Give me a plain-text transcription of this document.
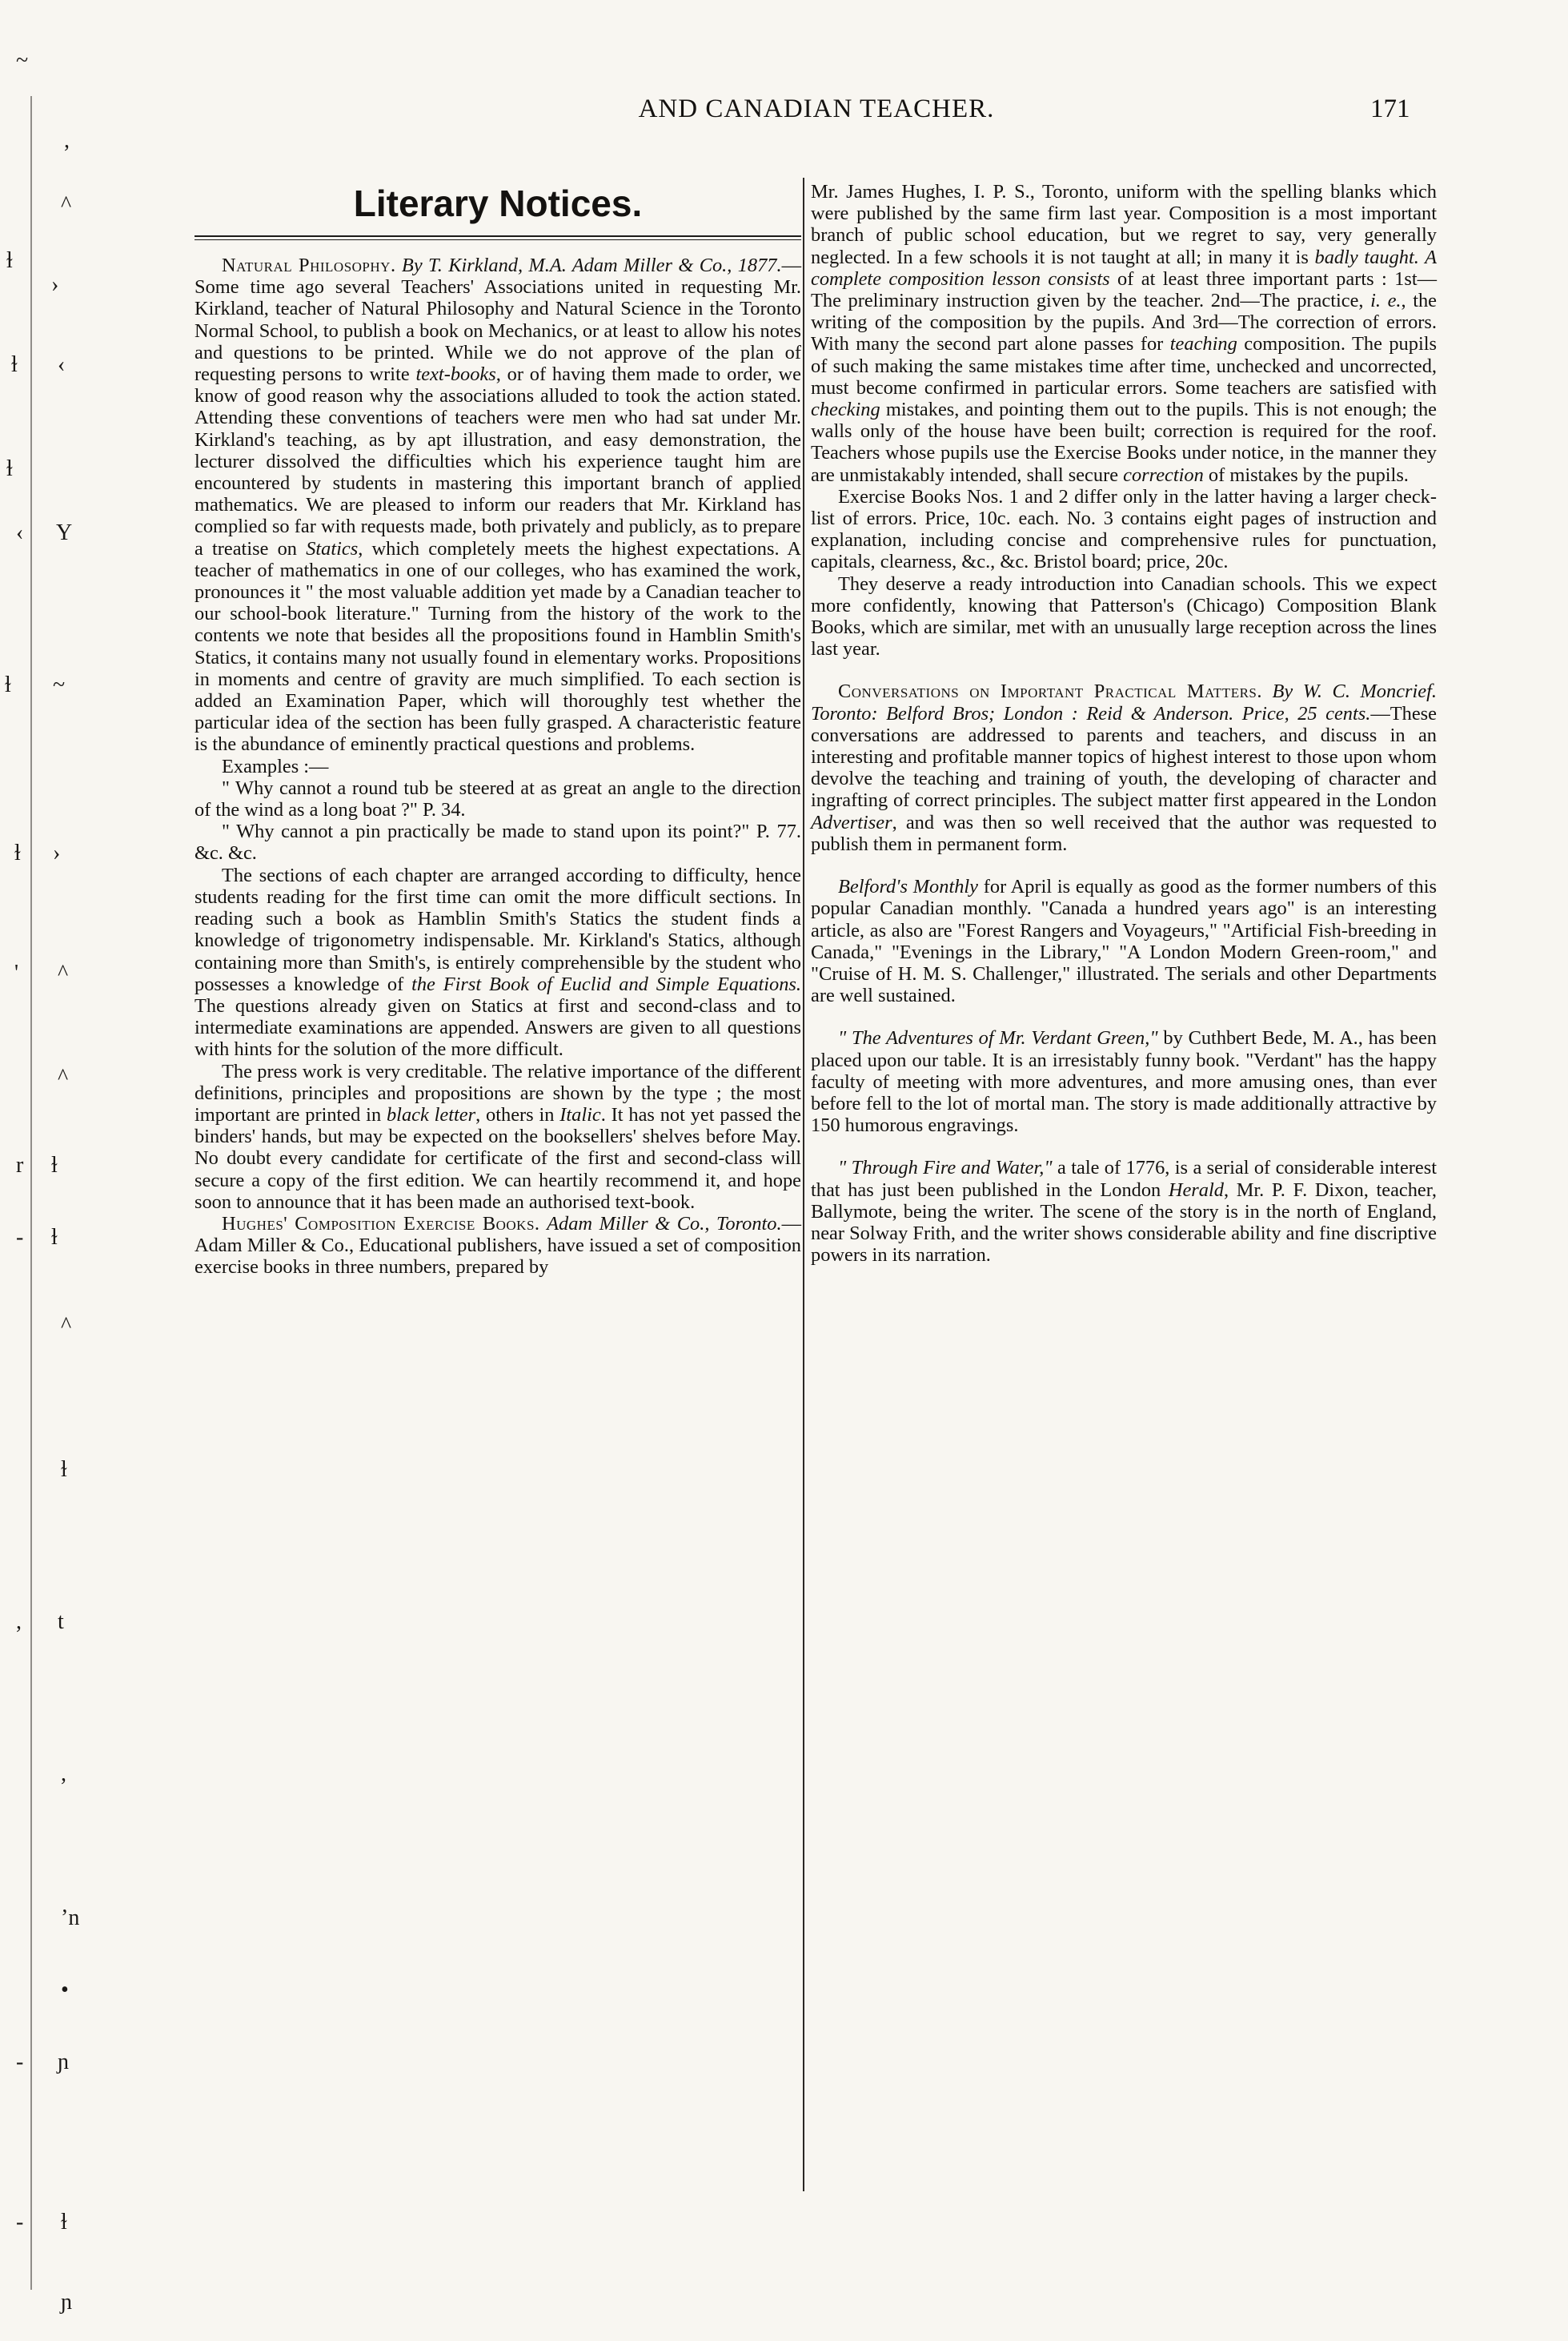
~
,
^
ɫ
›
ɫ ‹
ɫ
‹ Y
ɫ ~
ɫ ›
' ^
^
r ɫ
- ɫ
^
ɫ
, t
,
ʼn
•
- ɲ
- ɫ
ɲ
AND CANADIAN TEACHER.	171
Literary Notices.

Natural Philosophy. By T. Kirkland, M.A. Adam Miller & Co., 1877.—Some time ago several Teachers' Associations united in requesting Mr. Kirkland, teacher of Natural Philosophy and Natural Science in the Toronto Normal School, to publish a book on Mechanics, or at least to allow his notes and questions to be printed. While we do not approve of the plan of requesting persons to write text-books, or of having them made to order, we know of good reason why the associations alluded to took the action stated. Attending these conventions of teachers were men who had sat under Mr. Kirkland's teaching, as by apt illustration, and easy demonstration, the lecturer dissolved the difficulties which his experience taught him are encountered by students in mastering this important branch of applied mathematics. We are pleased to inform our readers that Mr. Kirkland has complied so far with requests made, both privately and publicly, as to prepare a treatise on Statics, which completely meets the highest expectations. A teacher of mathematics in one of our colleges, who has examined the work, pronounces it " the most valuable addition yet made by a Canadian teacher to our school-book literature." Turning from the history of the work to the contents we note that besides all the propositions found in Hamblin Smith's Statics, it contains many not usually found in elementary works. Propositions in moments and centre of gravity are much simplified. To each section is added an Examination Paper, which will thoroughly test whether the particular idea of the section has been fully grasped. A characteristic feature is the abundance of eminently practical questions and problems.

Examples :—

" Why cannot a round tub be steered at as great an angle to the direction of the wind as a long boat ?" P. 34.

" Why cannot a pin practically be made to stand upon its point?" P. 77. &c. &c.

The sections of each chapter are arranged according to difficulty, hence students reading for the first time can omit the more difficult sections. In reading such a book as Hamblin Smith's Statics the student finds a knowledge of trigonometry indispensable. Mr. Kirkland's Statics, although containing more than Smith's, is entirely comprehensible by the student who possesses a knowledge of the First Book of Euclid and Simple Equations. The questions already given on Statics at first and second-class and to intermediate examinations are appended. Answers are given to all questions with hints for the solution of the more difficult.

The press work is very creditable. The relative importance of the different definitions, principles and propositions are shown by the type ; the most important are printed in black letter, others in Italic. It has not yet passed the binders' hands, but may be expected on the booksellers' shelves before May. No doubt every candidate for certificate of the first and second-class will secure a copy of the first edition. We can heartily recommend it, and hope soon to announce that it has been made an authorised text-book.

Hughes' Composition Exercise Books. Adam Miller & Co., Toronto.—Adam Miller & Co., Educational publishers, have issued a set of composition exercise books in three numbers, prepared by

Mr. James Hughes, I. P. S., Toronto, uniform with the spelling blanks which were published by the same firm last year. Composition is a most important branch of public school education, but we regret to say, very generally neglected. In a few schools it is not taught at all; in many it is badly taught. A complete composition lesson consists of at least three important parts : 1st—The preliminary instruction given by the teacher. 2nd—The practice, i. e., the writing of the composition by the pupils. And 3rd—The correction of errors. With many the second part alone passes for teaching composition. The pupils of such making the same mistakes time after time, unchecked and uncorrected, must become confirmed in particular errors. Some teachers are satisfied with checking mistakes, and pointing them out to the pupils. This is not enough; the walls only of the house have been built; correction is required for the roof. Teachers whose pupils use the Exercise Books under notice, in the manner they are unmistakably intended, shall secure correction of mistakes by the pupils.

Exercise Books Nos. 1 and 2 differ only in the latter having a larger check-list of errors. Price, 10c. each. No. 3 contains eight pages of instruction and explanation, including concise and comprehensive rules for punctuation, capitals, clearness, &c., &c. Bristol board; price, 20c.

They deserve a ready introduction into Canadian schools. This we expect more confidently, knowing that Patterson's (Chicago) Composition Blank Books, which are similar, met with an unusually large reception across the lines last year.

Conversations on Important Practical Matters. By W. C. Moncrief. Toronto: Belford Bros; London : Reid & Anderson. Price, 25 cents.—These conversations are addressed to parents and teachers, and discuss in an interesting and profitable manner topics of highest interest to those upon whom devolve the teaching and training of youth, the developing of character and ingrafting of correct principles. The subject matter first appeared in the London Advertiser, and was then so well received that the author was requested to publish them in permanent form.

Belford's Monthly for April is equally as good as the former numbers of this popular Canadian monthly. "Canada a hundred years ago" is an interesting article, as also are "Forest Rangers and Voyageurs," "Artificial Fish-breeding in Canada," "Evenings in the Library," "A London Modern Green-room," and "Cruise of H. M. S. Challenger," illustrated. The serials and other Departments are well sustained.

" The Adventures of Mr. Verdant Green," by Cuthbert Bede, M. A., has been placed upon our table. It is an irresistably funny book. "Verdant" has the happy faculty of meeting with more adventures, and more amusing ones, than ever before fell to the lot of mortal man. The story is made additionally attractive by 150 humorous engravings.

" Through Fire and Water," a tale of 1776, is a serial of considerable interest that has just been published in the London Herald, Mr. P. F. Dixon, teacher, Ballymote, being the writer. The scene of the story is in the north of England, near Solway Frith, and the writer shows considerable ability and fine discriptive powers in its narration.
